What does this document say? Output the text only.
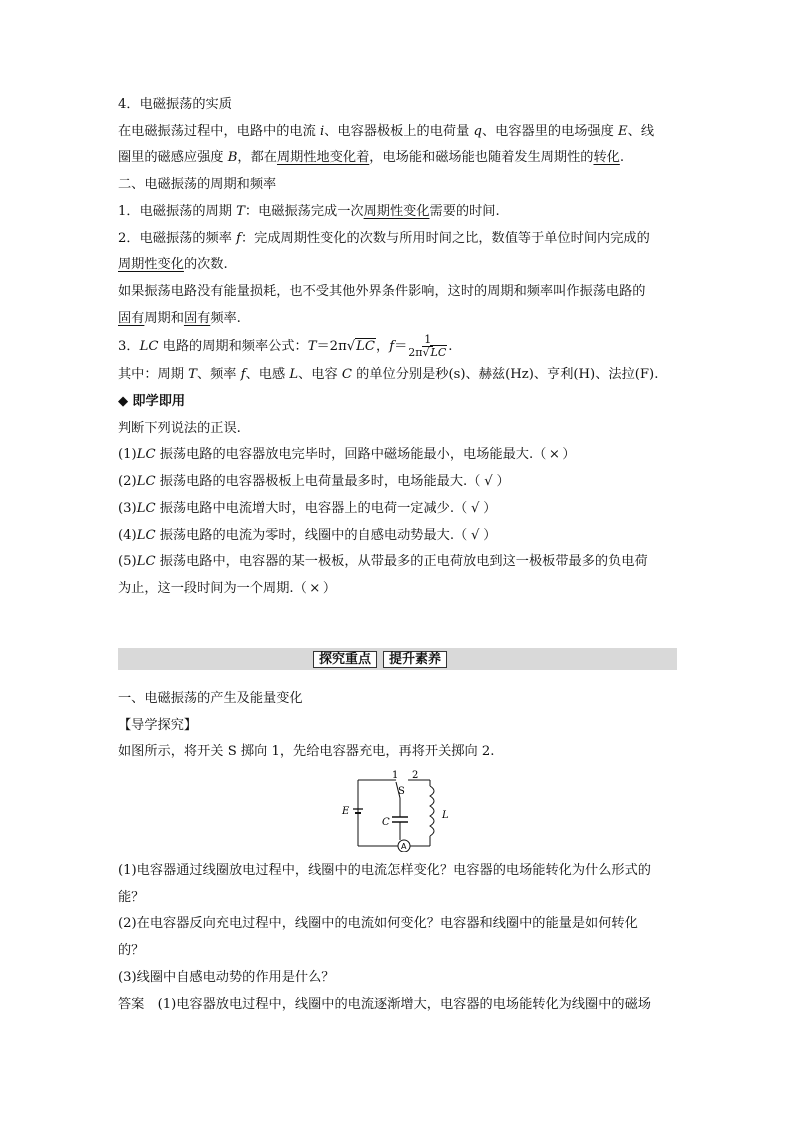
4．电磁振荡的实质
在电磁振荡过程中，电路中的电流 i、电容器极板上的电荷量 q、电容器里的电场强度 E、线
圈里的磁感应强度 B，都在周期性地变化着，电场能和磁场能也随着发生周期性的转化.
二、电磁振荡的周期和频率
1．电磁振荡的周期 T：电磁振荡完成一次周期性变化需要的时间.
2．电磁振荡的频率 f：完成周期性变化的次数与所用时间之比，数值等于单位时间内完成的
周期性变化的次数.
如果振荡电路没有能量损耗，也不受其他外界条件影响，这时的周期和频率叫作振荡电路的
固有周期和固有频率.
3．LC 电路的周期和频率公式：T＝2π√LC，$f= \frac{1}{2\pi√LC}$ .
其中：周期 T、频率 f、电感 L、电容 C 的单位分别是秒(s)、赫兹(Hz)、亨利(H)、法拉(F).
◆ 即学即用
判断下列说法的正误.
(1)LC 振荡电路的电容器放电完毕时，回路中磁场能最小，电场能最大.（ × ）
(2)LC 振荡电路的电容器极板上电荷量最多时，电场能最大.（ √ ）
(3)LC 振荡电路中电流增大时，电容器上的电荷一定减少.（ √ ）
(4)LC 振荡电路的电流为零时，线圈中的自感电动势最大.（ √ ）
(5)LC 振荡电路中，电容器的某一极板，从带最多的正电荷放电到这一极板带最多的负电荷
为止，这一段时间为一个周期.（ × ）
探究重点	提升素养
一、电磁振荡的产生及能量变化
【导学探究】
如图所示，将开关 S 掷向 1，先给电容器充电，再将开关掷向 2.
1 2
S
E
C
L
A
(1)电容器通过线圈放电过程中，线圈中的电流怎样变化？电容器的电场能转化为什么形式的
能？
(2)在电容器反向充电过程中，线圈中的电流如何变化？电容器和线圈中的能量是如何转化
的？
(3)线圈中自感电动势的作用是什么？
答案　 (1)电容器放电过程中，线圈中的电流逐渐增大，电容器的电场能转化为线圈中的磁场
